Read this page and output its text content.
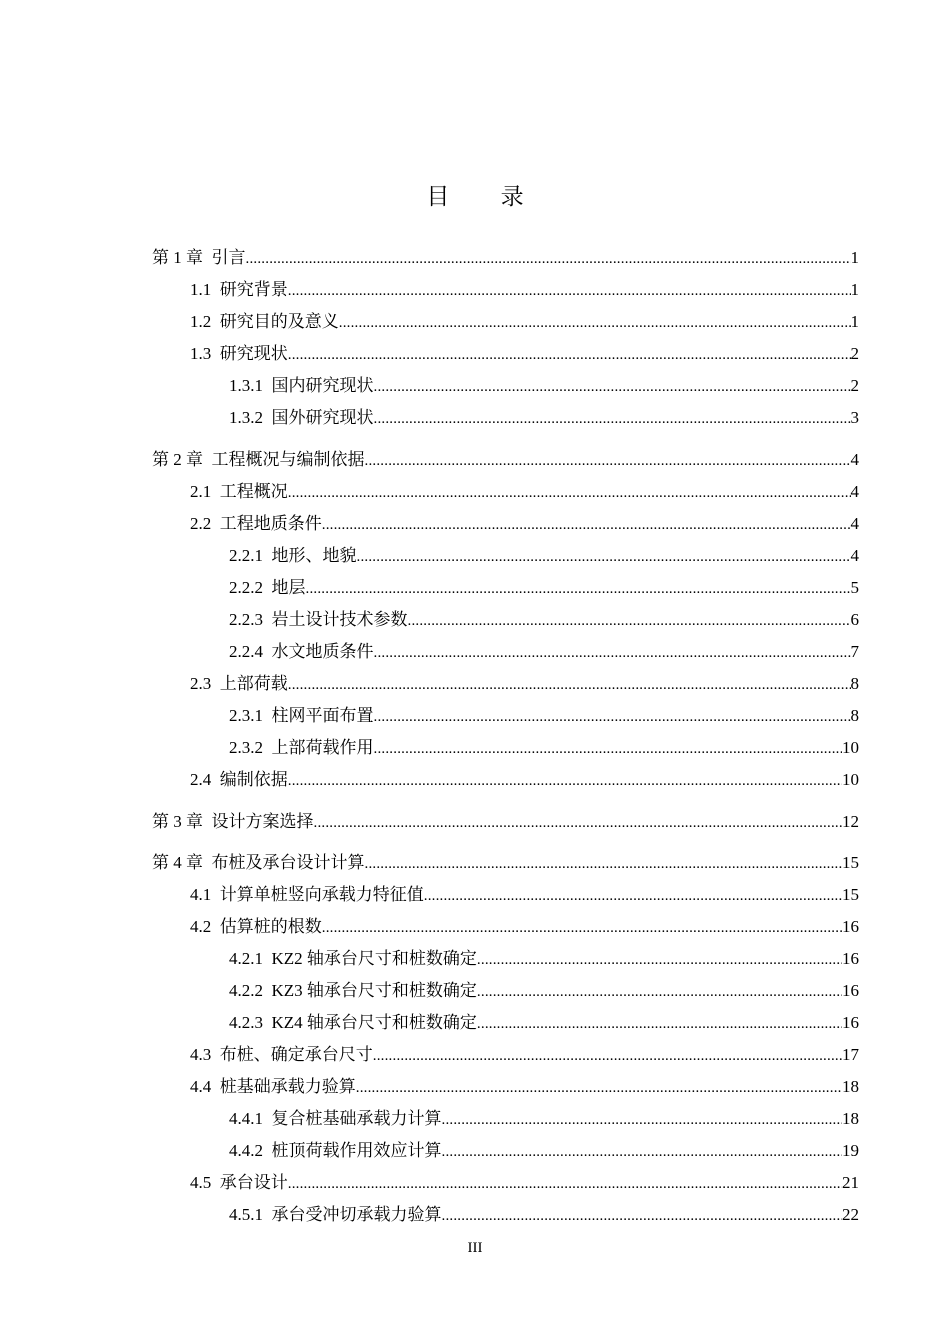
目 录
第 1 章  引言 .....	1
1.1  研究背景 .....	1
1.2  研究目的及意义 .....	1
1.3  研究现状 .....	2
1.3.1  国内研究现状 .....	2
1.3.2  国外研究现状 .....	3
第 2 章  工程概况与编制依据 .....	4
2.1  工程概况 .....	4
2.2  工程地质条件 .....	4
2.2.1  地形、地貌 .....	4
2.2.2  地层 .....	5
2.2.3  岩土设计技术参数 .....	6
2.2.4  水文地质条件 .....	7
2.3  上部荷载 .....	8
2.3.1  柱网平面布置 .....	8
2.3.2  上部荷载作用 .....	10
2.4  编制依据 .....	10
第 3 章  设计方案选择 .....	12
第 4 章  布桩及承台设计计算 .....	15
4.1  计算单桩竖向承载力特征值 .....	15
4.2  估算桩的根数 .....	16
4.2.1  KZ2 轴承台尺寸和桩数确定 .....	16
4.2.2  KZ3 轴承台尺寸和桩数确定 .....	16
4.2.3  KZ4 轴承台尺寸和桩数确定 .....	16
4.3  布桩、确定承台尺寸 .....	17
4.4  桩基础承载力验算 .....	18
4.4.1  复合桩基础承载力计算 .....	18
4.4.2  桩顶荷载作用效应计算 .....	19
4.5  承台设计 .....	21
4.5.1  承台受冲切承载力验算 .....	22
III
